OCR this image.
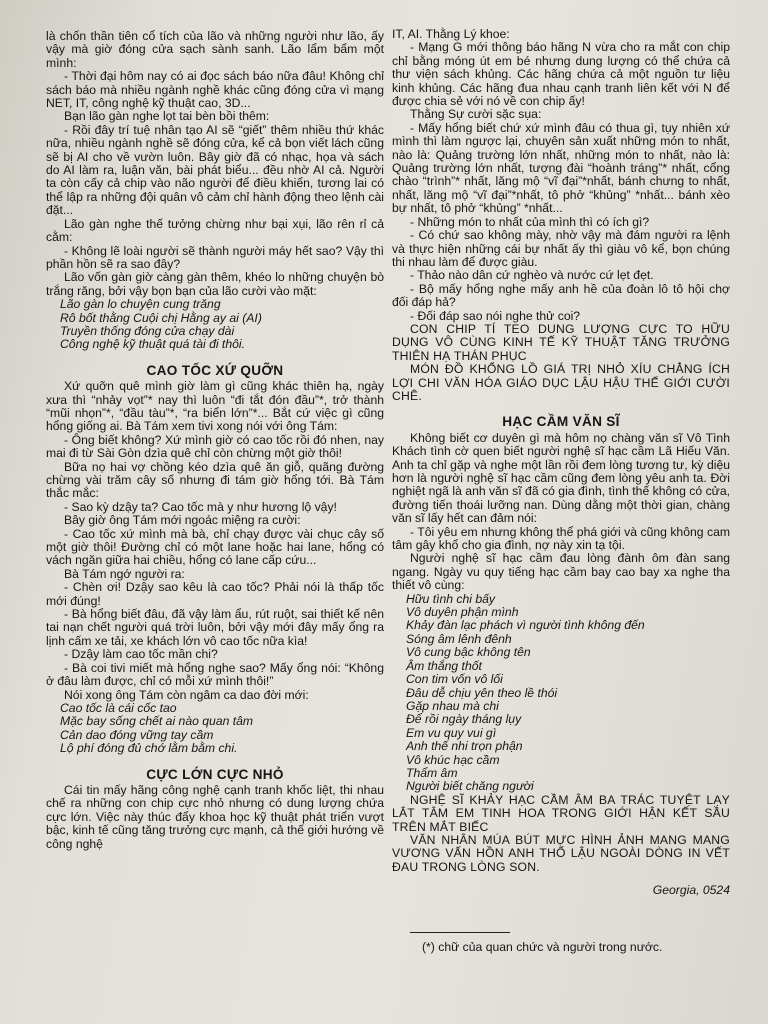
là chốn thần tiên cổ tích của lão và những người như lão, ấy vậy mà giờ đóng cửa sạch sành sanh. Lão lẩm bẩm một mình:

- Thời đại hôm nay có ai đọc sách báo nữa đâu! Không chỉ sách báo mà nhiều ngành nghề khác cũng đóng cửa vì mạng NET, IT, công nghệ kỹ thuật cao, 3D...

Bạn lão gàn nghe lọt tai bèn bồi thêm:

- Rồi đây trí tuệ nhân tạo AI sẽ “giết” thêm nhiều thứ khác nữa, nhiều ngành nghề sẽ đóng cửa, kể cả bọn viết lách cũng sẽ bị AI cho về vườn luôn. Bây giờ đã có nhạc, họa và sách do AI làm ra, luận văn, bài phát biểu... đều nhờ AI cả. Người ta còn cấy cả chip vào não người để điều khiển, tương lai có thể lập ra những đội quân vô cảm chỉ hành động theo lệnh cài đặt...

Lão gàn nghe thế tưởng chừng như bại xụi, lão rên rỉ cả cằm:

- Không lẽ loài người sẽ thành người máy hết sao? Vậy thì phần hồn sẽ ra sao đây?

Lão vốn gàn giờ càng gàn thêm, khéo lo những chuyện bò trắng răng, bởi vậy bọn bạn của lão cười vào mặt:

Lão gàn lo chuyện cung trăng

Rô bốt thằng Cuội chị Hằng ay ai (AI)

Truyền thống đóng cửa chạy dài

Công nghệ kỹ thuật quá tài đi thôi.

CAO TỐC XỨ QUỠN

Xứ quỡn quê mình giờ làm gì cũng khác thiên hạ, ngày xưa thì “nhảy vọt”* nay thì luôn “đi tắt đón đầu”*, trở thành “mũi nhọn”*, “đầu tàu”*, “ra biển lớn”*... Bắt cứ việc gì cũng hổng giống ai. Bà Tám xem tivi xong nói với ông Tám:

- Ông biết không? Xứ mình giờ có cao tốc rồi đó nhen, nay mai đi từ Sài Gòn dzìa quê chỉ còn chừng một giờ thôi!

Bữa nọ hai vợ chồng kéo dzìa quê ăn giỗ, quãng đường chừng vài trăm cây số nhưng đi tám giờ hổng tới. Bà Tám thắc mắc:

- Sao kỳ dzậy ta? Cao tốc mà y như hương lộ vậy!

Bây giờ ông Tám mới ngoác miệng ra cười:

- Cao tốc xứ mình mà bà, chỉ chạy được vài chục cây số một giờ thôi! Đường chỉ có một lane hoặc hai lane, hổng có vách ngăn giữa hai chiều, hổng có lane cấp cứu...

Bà Tám ngớ người ra:

- Chèn ơi! Dzậy sao kêu là cao tốc? Phải nói là thấp tốc mới đúng!

- Bà hổng biết đâu, đã vậy làm ẩu, rút ruột, sai thiết kế nên tai nạn chết người quá trời luôn, bởi vậy mới đây mấy ổng ra lịnh cấm xe tải, xe khách lớn vô cao tốc nữa kìa!

- Dzậy làm cao tốc mần chi?

- Bà coi tivi miết mà hổng nghe sao? Mấy ổng nói: “Không ở đâu làm được, chỉ có mỗi xứ mình thôi!”

Nói xong ông Tám còn ngâm ca dao đời mới:

Cao tốc là cái cốc tao

Mặc bay sống chết ai nào quan tâm

Cản dao đóng vững tay cầm

Lộ phí đóng đủ chớ lằm bằm chi.

CỰC LỚN CỰC NHỎ

Cái tin mấy hãng công nghệ cạnh tranh khốc liệt, thi nhau chế ra những con chip cực nhỏ nhưng có dung lượng chứa cực lớn. Việc này thúc đẩy khoa học kỹ thuật phát triển vượt bậc, kinh tế cũng tăng trưởng cực mạnh, cả thế giới hướng về công nghệ

IT, AI. Thằng Lý khoe:

- Mạng G mới thông báo hãng N vừa cho ra mắt con chip chỉ bằng móng út em bé nhưng dung lượng có thể chứa cả thư viện sách khủng. Các hãng chứa cả một nguồn tư liệu kinh khủng. Các hãng đua nhau cạnh tranh liên kết với N để được chia sẻ với nó về con chip ấy!

Thằng Sự cười sặc sụa:

- Mấy hổng biết chứ xứ mình đâu có thua gì, tụy nhiên xứ mình thì làm ngược lại, chuyên sản xuất những món to nhất, nào là: Quảng trường lớn nhất, những món to nhất, nào là: Quảng trường lớn nhất, tượng đài “hoành tráng”* nhất, cổng chào “trình”* nhất, lăng mộ “vĩ đại”*nhất, bánh chưng to nhất, nhất, lăng mộ “vĩ đại”*nhất, tô phở “khủng” *nhất... bánh xèo bự nhất, tô phở “khủng” *nhất...

- Những món to nhất của mình thì có ích gì?

- Có chứ sao không mày, nhờ vậy mà đám người ra lệnh và thực hiện những cái bự nhất ấy thì giàu vô kể, bọn chúng thi nhau làm để được giàu.

- Thảo nào dân cứ nghèo và nước cứ lẹt đẹt.

- Bộ mấy hổng nghe mấy anh hề của đoàn lô tô hội chợ đối đáp hả?

- Đối đáp sao nói nghe thử coi?

CON CHIP TÍ TEO DUNG LƯỢNG CỰC TO HỮU DỤNG VÔ CÙNG KINH TẾ KỸ THUẬT TĂNG TRƯỞNG THIÊN HẠ THÁN PHỤC

MÓN ĐỒ KHỔNG LỒ GIÁ TRỊ NHỎ XÍU CHẲNG ÍCH LỢI CHI VĂN HÓA GIÁO DỤC LẬU HẬU THẾ GIỚI CƯỜI CHÊ.

HẠC CẦM VĂN SĨ

Không biết cơ duyên gì mà hôm nọ chàng văn sĩ Vô Tình Khách tình cờ quen biết người nghệ sĩ hạc cầm Lã Hiếu Văn. Anh ta chỉ gặp và nghe một lần rồi đem lòng tương tư, kỳ diệu hơn là người nghệ sĩ hạc cầm cũng đem lòng yêu anh ta. Đời nghiệt ngã là anh văn sĩ đã có gia đình, tình thế không có cửa, đường tiến thoái lưỡng nan. Dùng dằng một thời gian, chàng văn sĩ lấy hết can đảm nói:

- Tôi yêu em nhưng không thể phá giới và cũng không cam tâm gây khổ cho gia đình, nợ này xin tạ tội.

Người nghệ sĩ hạc cầm đau lòng đành ôm đàn sang ngang. Ngày vu quy tiếng hạc cầm bay cao bay xa nghe tha thiết vô cùng:

Hữu tình chi bấy

Vô duyên phận mình

Khảy đàn lạc phách vì người tình không đến

Sóng âm lênh đênh

Vô cung bậc không tên

Âm thắng thốt

Con tim vốn vô lối

Đâu dễ chịu yên theo lề thói

Gặp nhau mà chi

Để rồi ngày tháng lụy

Em vu quy vui gì

Anh thế nhi trọn phận

Vô khúc hạc cầm

Thẩm âm

Người biết chăng người

NGHỆ SĨ KHẢY HẠC CẦM ÂM BA TRÁC TUYỆT LẠY LẮT TÂM EM TINH HOA TRONG GIỚI HẬN KẾT SẦU TRÊN MẮT BIẾC

VĂN NHÂN MÚA BÚT MỰC HÌNH ẢNH MANG MANG VƯƠNG VẤN HỒN ANH THỔ LẬU NGOÀI DÒNG IN VẾT ĐAU TRONG LÒNG SON.

Georgia, 0524

(*) chữ của quan chức và người trong nước.
